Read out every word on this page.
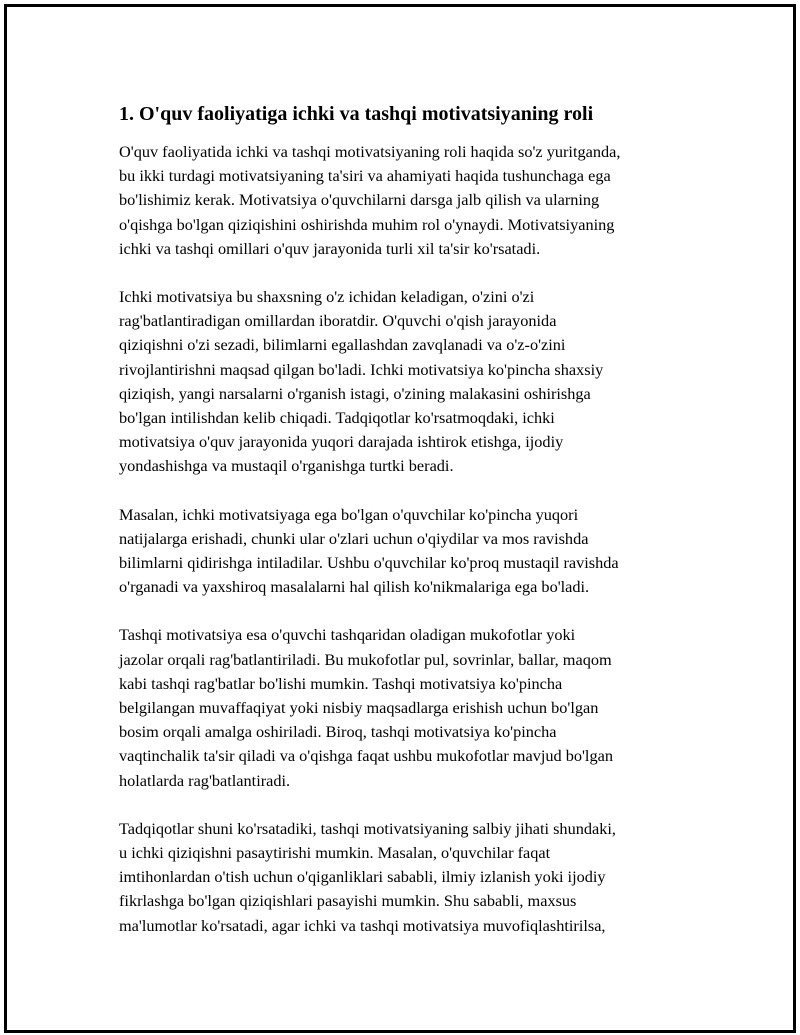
1. O'quv faoliyatiga ichki va tashqi motivatsiyaning roli

O'quv faoliyatida ichki va tashqi motivatsiyaning roli haqida so'z yuritganda,
bu ikki turdagi motivatsiyaning ta'siri va ahamiyati haqida tushunchaga ega
bo'lishimiz kerak. Motivatsiya o'quvchilarni darsga jalb qilish va ularning
o'qishga bo'lgan qiziqishini oshirishda muhim rol o'ynaydi. Motivatsiyaning
ichki va tashqi omillari o'quv jarayonida turli xil ta'sir ko'rsatadi.

Ichki motivatsiya bu shaxsning o'z ichidan keladigan, o'zini o'zi
rag'batlantiradigan omillardan iboratdir. O'quvchi o'qish jarayonida
qiziqishni o'zi sezadi, bilimlarni egallashdan zavqlanadi va o'z-o'zini
rivojlantirishni maqsad qilgan bo'ladi. Ichki motivatsiya ko'pincha shaxsiy
qiziqish, yangi narsalarni o'rganish istagi, o'zining malakasini oshirishga
bo'lgan intilishdan kelib chiqadi. Tadqiqotlar ko'rsatmoqdaki, ichki
motivatsiya o'quv jarayonida yuqori darajada ishtirok etishga, ijodiy
yondashishga va mustaqil o'rganishga turtki beradi.

Masalan, ichki motivatsiyaga ega bo'lgan o'quvchilar ko'pincha yuqori
natijalarga erishadi, chunki ular o'zlari uchun o'qiydilar va mos ravishda
bilimlarni qidirishga intiladilar. Ushbu o'quvchilar ko'proq mustaqil ravishda
o'rganadi va yaxshiroq masalalarni hal qilish ko'nikmalariga ega bo'ladi.

Tashqi motivatsiya esa o'quvchi tashqaridan oladigan mukofotlar yoki
jazolar orqali rag'batlantiriladi. Bu mukofotlar pul, sovrinlar, ballar, maqom
kabi tashqi rag'batlar bo'lishi mumkin. Tashqi motivatsiya ko'pincha
belgilangan muvaffaqiyat yoki nisbiy maqsadlarga erishish uchun bo'lgan
bosim orqali amalga oshiriladi. Biroq, tashqi motivatsiya ko'pincha
vaqtinchalik ta'sir qiladi va o'qishga faqat ushbu mukofotlar mavjud bo'lgan
holatlarda rag'batlantiradi.

Tadqiqotlar shuni ko'rsatadiki, tashqi motivatsiyaning salbiy jihati shundaki,
u ichki qiziqishni pasaytirishi mumkin. Masalan, o'quvchilar faqat
imtihonlardan o'tish uchun o'qiganliklari sababli, ilmiy izlanish yoki ijodiy
fikrlashga bo'lgan qiziqishlari pasayishi mumkin. Shu sababli, maxsus
ma'lumotlar ko'rsatadi, agar ichki va tashqi motivatsiya muvofiqlashtirilsa,
